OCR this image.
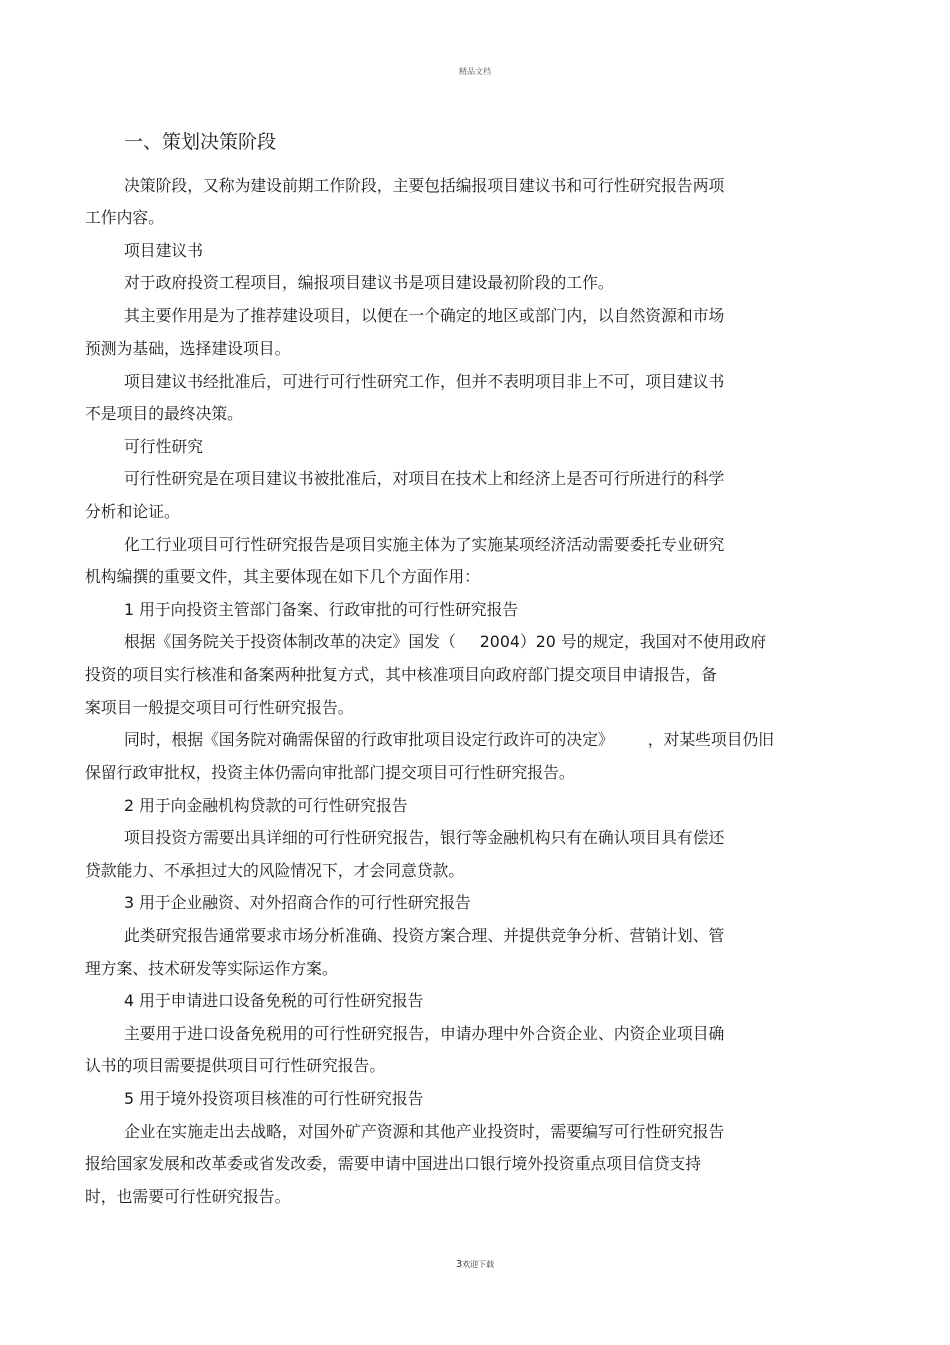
精品文档
一、策划决策阶段
决策阶段，又称为建设前期工作阶段，主要包括编报项目建议书和可行性研究报告两项
工作内容。
项目建议书
对于政府投资工程项目，编报项目建议书是项目建设最初阶段的工作。
其主要作用是为了推荐建设项目，以便在一个确定的地区或部门内，以自然资源和市场
预测为基础，选择建设项目。
项目建议书经批准后，可进行可行性研究工作，但并不表明项目非上不可，项目建议书
不是项目的最终决策。
可行性研究
可行性研究是在项目建议书被批准后，对项目在技术上和经济上是否可行所进行的科学
分析和论证。
化工行业项目可行性研究报告是项目实施主体为了实施某项经济活动需要委托专业研究
机构编撰的重要文件，其主要体现在如下几个方面作用：
1 用于向投资主管部门备案、行政审批的可行性研究报告
根据《国务院关于投资体制改革的决定》国发（ 2004）20 号的规定，我国对不使用政府
投资的项目实行核准和备案两种批复方式，其中核准项目向政府部门提交项目申请报告，备
案项目一般提交项目可行性研究报告。
同时，根据《国务院对确需保留的行政审批项目设定行政许可的决定》 ，对某些项目仍旧
保留行政审批权，投资主体仍需向审批部门提交项目可行性研究报告。
2 用于向金融机构贷款的可行性研究报告
项目投资方需要出具详细的可行性研究报告，银行等金融机构只有在确认项目具有偿还
贷款能力、不承担过大的风险情况下，才会同意贷款。
3 用于企业融资、对外招商合作的可行性研究报告
此类研究报告通常要求市场分析准确、投资方案合理、并提供竞争分析、营销计划、管
理方案、技术研发等实际运作方案。
4 用于申请进口设备免税的可行性研究报告
主要用于进口设备免税用的可行性研究报告，申请办理中外合资企业、内资企业项目确
认书的项目需要提供项目可行性研究报告。
5 用于境外投资项目核准的可行性研究报告
企业在实施走出去战略，对国外矿产资源和其他产业投资时，需要编写可行性研究报告
报给国家发展和改革委或省发改委，需要申请中国进出口银行境外投资重点项目信贷支持
时，也需要可行性研究报告。
3欢迎下载
